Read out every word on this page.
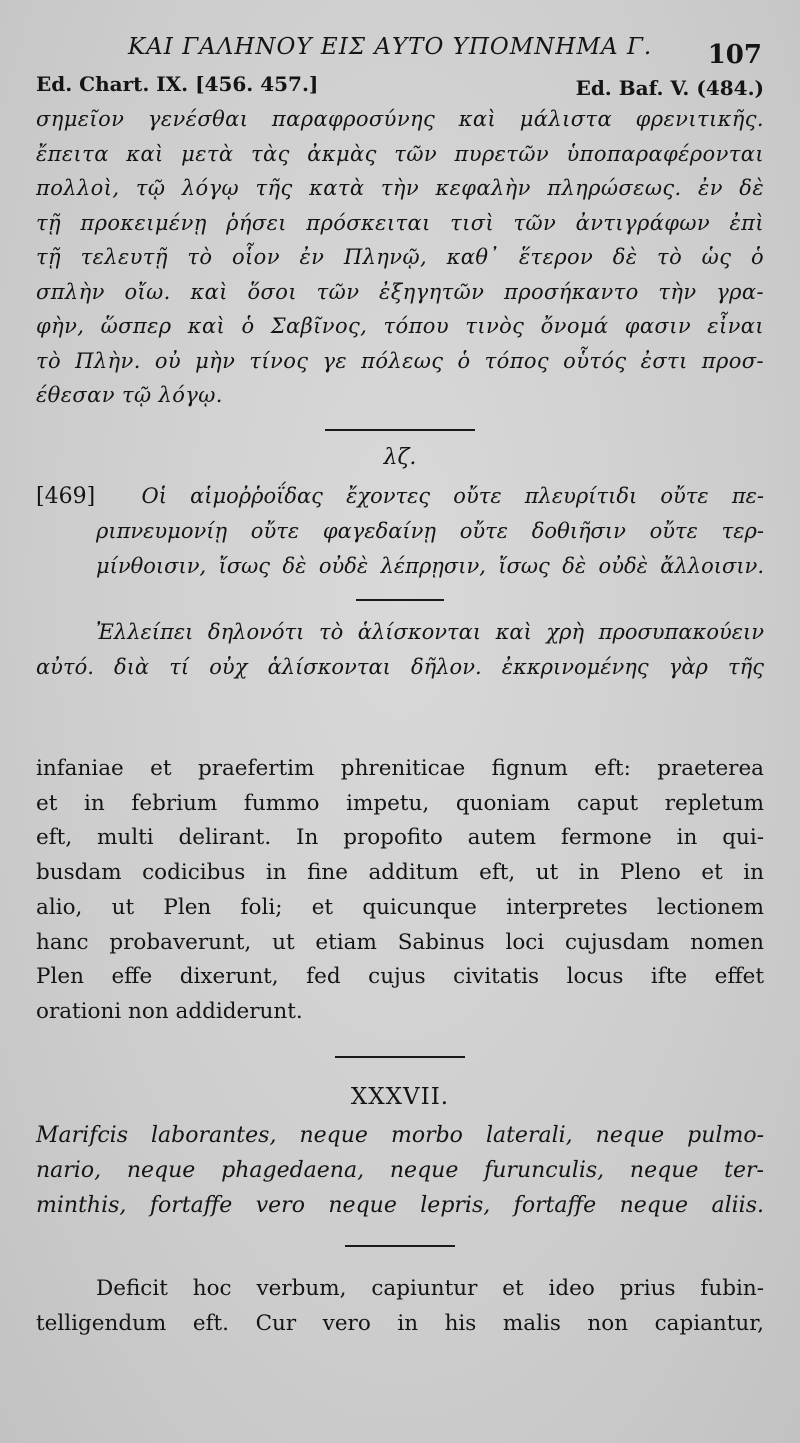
ΚΑΙ ΓΑΛΗΝΟΥ ΕΙΣ ΑΥΤΟ ΥΠΟΜΝΗΜΑ Γ. 107
Ed. Chart. IX. [456. 457.]	Ed. Baf. V. (484.)

σημεῖον γενέσθαι παραφροσύνης καὶ μάλιστα φρενιτικῆς.

ἔπειτα καὶ μετὰ τὰς ἀκμὰς τῶν πυρετῶν ὑποπαραφέρονται

πολλοὶ, τῷ λόγῳ τῆς κατὰ τὴν κεφαλὴν πληρώσεως. ἐν δὲ

τῇ προκειμένῃ ῥήσει πρόσκειται τισὶ τῶν ἀντιγράφων ἐπὶ

τῇ τελευτῇ τὸ οἷον ἐν Πληνῷ, καθ᾽ ἕτερον δὲ τὸ ὡς ὁ

σπλὴν οἴω. καὶ ὅσοι τῶν ἐξηγητῶν προσήκαντο τὴν γρα-

φὴν, ὥσπερ καὶ ὁ Σαβῖνος, τόπου τινὸς ὄνομά φασιν εἶναι

τὸ Πλὴν. οὐ μὴν τίνος γε πόλεως ὁ τόπος οὗτός ἐστι προσ-

έθεσαν τῷ λόγῳ.

λζ.

[469] Οἱ αἱμοῤῥοΐδας ἔχοντες οὔτε πλευρίτιδι οὔτε πε-

ριπνευμονίῃ οὔτε φαγεδαίνῃ οὔτε δοθιῆσιν οὔτε τερ-

μίνθοισιν, ἴσως δὲ οὐδὲ λέπρῃσιν, ἴσως δὲ οὐδὲ ἄλλοισιν.

Ἐλλείπει δηλονότι τὸ ἁλίσκονται καὶ χρὴ προσυπακούειν

αὐτό. διὰ τί οὐχ ἁλίσκονται δῆλον. ἐκκρινομένης γὰρ τῆς

infaniae et praefertim phreniticae fignum eft: praeterea

et in febrium fummo impetu, quoniam caput repletum

eft, multi delirant. In propofito autem fermone in qui-

busdam codicibus in fine additum eft, ut in Pleno et in

alio, ut Plen foli; et quicunque interpretes lectionem

hanc probaverunt, ut etiam Sabinus loci cujusdam nomen

Plen effe dixerunt, fed cujus civitatis locus ifte effet

orationi non addiderunt.

XXXVII.

Marifcis laborantes, neque morbo laterali, neque pulmo-

nario, neque phagedaena, neque furunculis, neque ter-

minthis, fortaffe vero neque lepris, fortaffe neque aliis.

Deficit hoc verbum, capiuntur et ideo prius fubin-

telligendum eft. Cur vero in his malis non capiantur,
